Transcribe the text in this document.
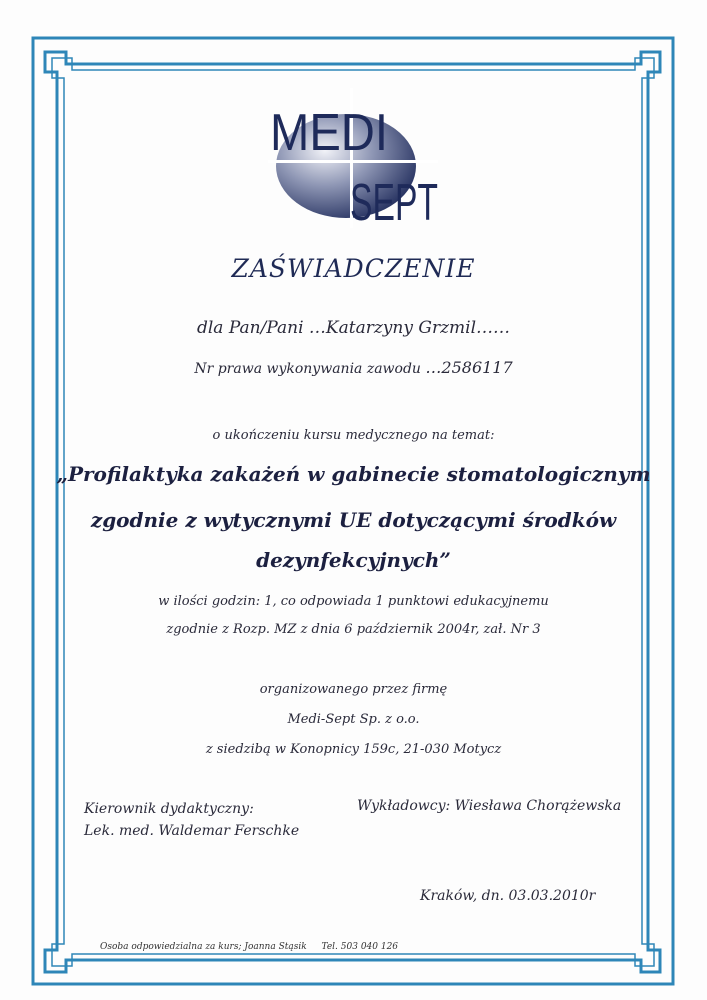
MEDI
SEPT
ZAŚWIADCZENIE
dla Pan/Pani …Katarzyny Grzmil……
Nr prawa wykonywania zawodu …2586117
o ukończeniu kursu medycznego na temat:
„Profilaktyka zakażeń w gabinecie stomatologicznym
zgodnie z wytycznymi UE dotyczącymi środków
dezynfekcyjnych”
w ilości godzin: 1, co odpowiada 1 punktowi edukacyjnemu
zgodnie z Rozp. MZ z dnia 6 październik 2004r, zał. Nr 3
organizowanego przez firmę
Medi-Sept Sp. z o.o.
z siedzibą w Konopnicy 159c, 21-030 Motycz
Kierownik dydaktyczny:
Lek. med. Waldemar Ferschke
Wykładowcy: Wiesława Chorążewska
Kraków, dn. 03.03.2010r
Osoba odpowiedzialna za kurs; Joanna Stąsik Tel. 503 040 126
